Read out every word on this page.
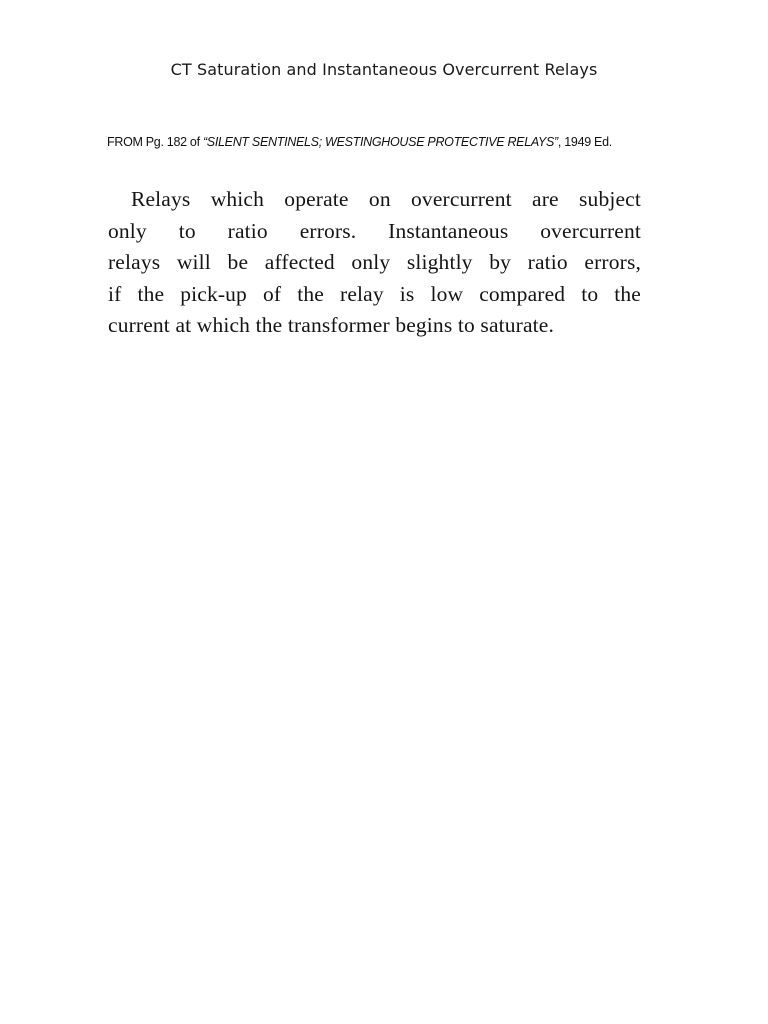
CT Saturation and Instantaneous Overcurrent Relays
FROM Pg. 182 of “SILENT SENTINELS; WESTINGHOUSE PROTECTIVE RELAYS”, 1949 Ed.
Relays which operate on overcurrent are subject
only to ratio errors. Instantaneous overcurrent
relays will be affected only slightly by ratio errors,
if the pick-up of the relay is low compared to the
current at which the transformer begins to saturate.
